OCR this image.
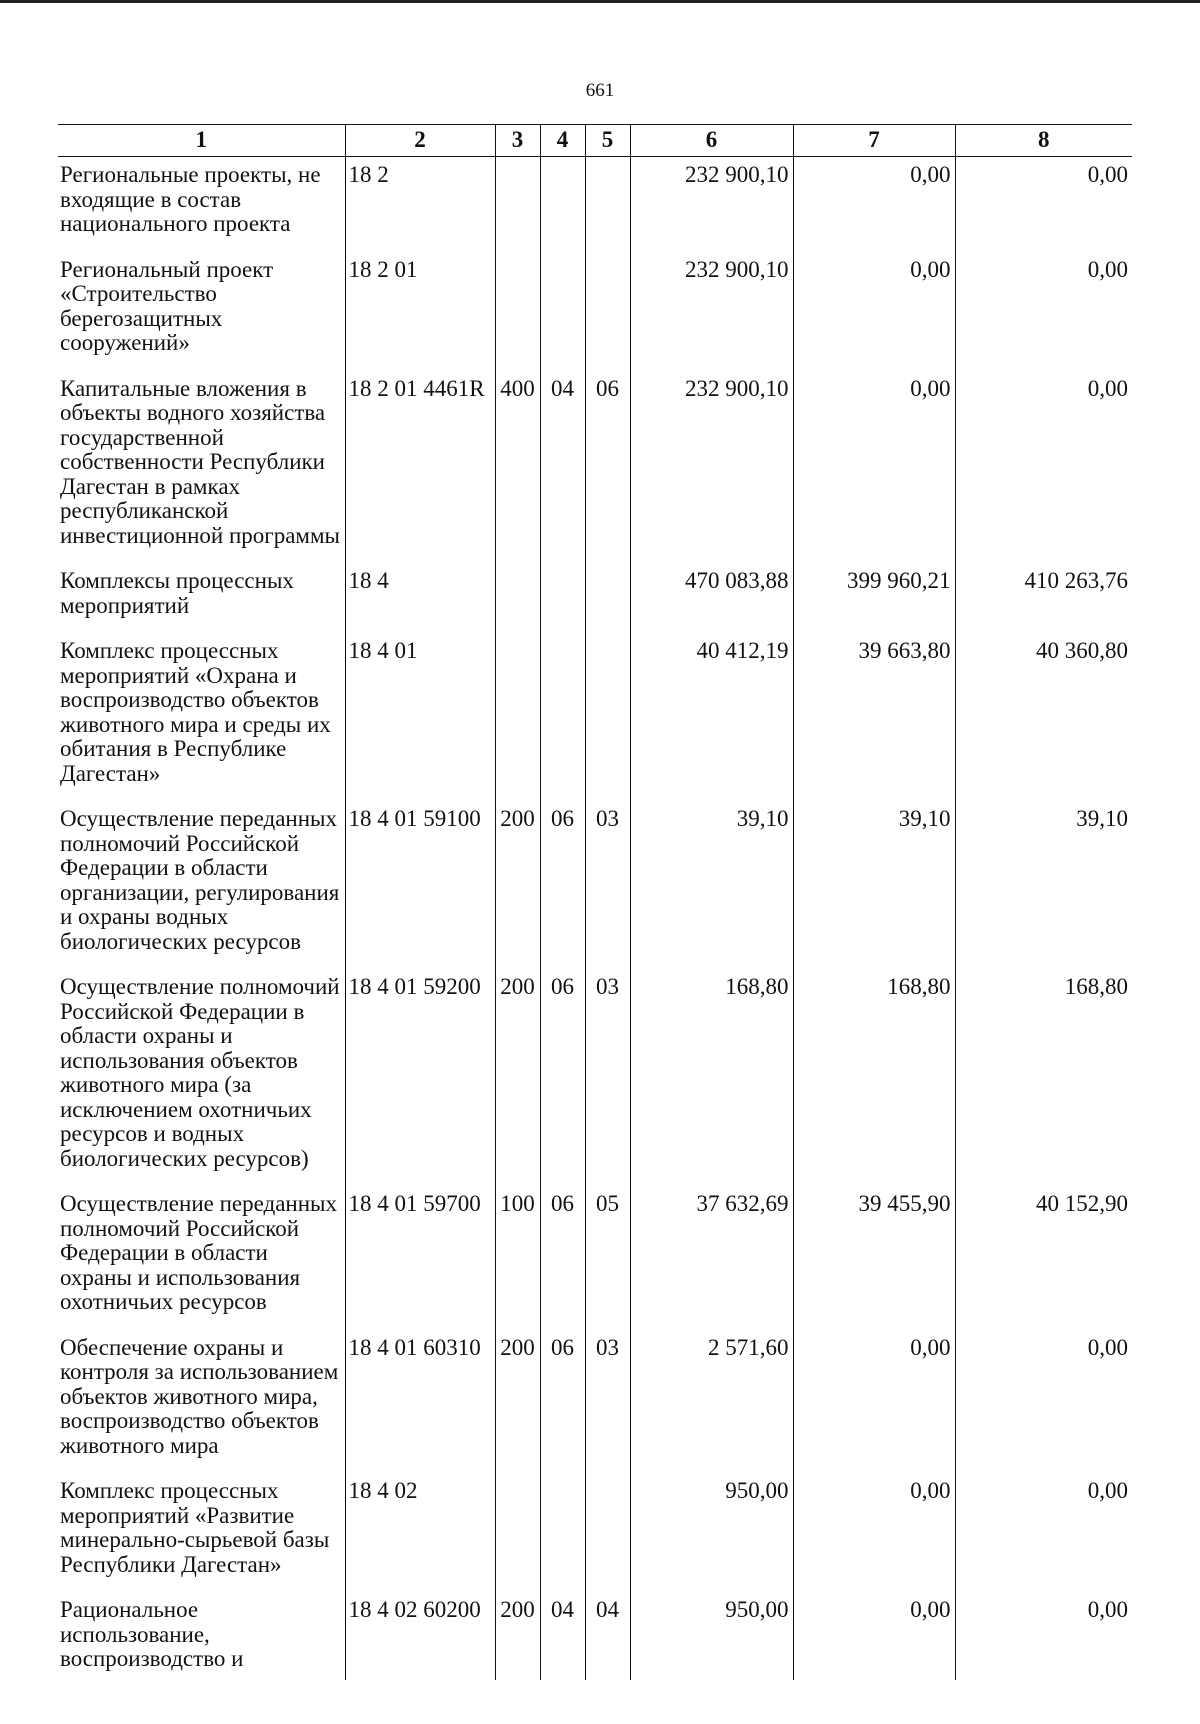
661
1	2	3	4	5	6	7	8
Региональные проекты, не входящие в состав национального проекта	18 2				232 900,10	0,00	0,00
Региональный проект «Строительство берегозащитных сооружений»	18 2 01				232 900,10	0,00	0,00
Капитальные вложения в объекты водного хозяйства государственной собственности Республики Дагестан в рамках республиканской инвестиционной программы	18 2 01 4461R	400	04	06	232 900,10	0,00	0,00
Комплексы процессных мероприятий	18 4				470 083,88	399 960,21	410 263,76
Комплекс процессных мероприятий «Охрана и воспроизводство объектов животного мира и среды их обитания в Республике Дагестан»	18 4 01				40 412,19	39 663,80	40 360,80
Осуществление переданных полномочий Российской Федерации в области организации, регулирования и охраны водных биологических ресурсов	18 4 01 59100	200	06	03	39,10	39,10	39,10
Осуществление полномочий Российской Федерации в области охраны и использования объектов животного мира (за исключением охотничьих ресурсов и водных биологических ресурсов)	18 4 01 59200	200	06	03	168,80	168,80	168,80
Осуществление переданных полномочий Российской Федерации в области охраны и использования охотничьих ресурсов	18 4 01 59700	100	06	05	37 632,69	39 455,90	40 152,90
Обеспечение охраны и контроля за использованием объектов животного мира, воспроизводство объектов животного мира	18 4 01 60310	200	06	03	2 571,60	0,00	0,00
Комплекс процессных мероприятий «Развитие минерально-сырьевой базы Республики Дагестан»	18 4 02				950,00	0,00	0,00
Рациональное использование, воспроизводство и	18 4 02 60200	200	04	04	950,00	0,00	0,00
